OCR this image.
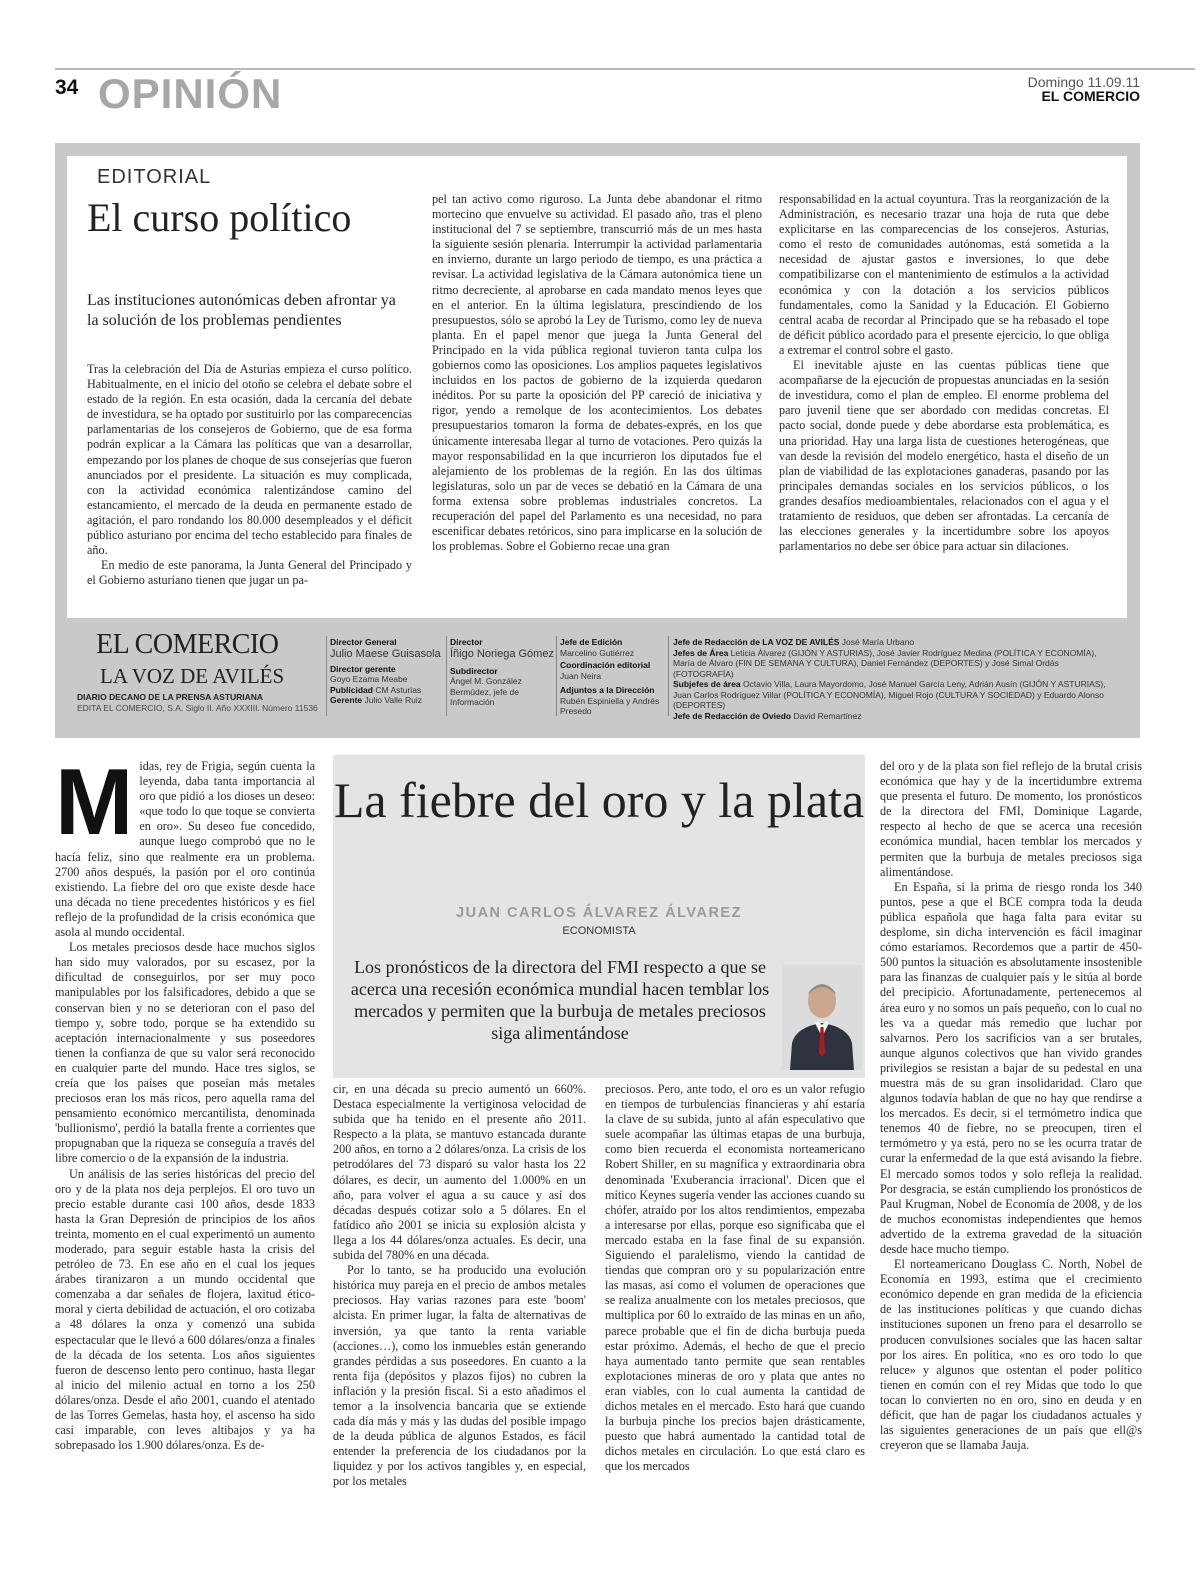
34 OPINIÓN	Domingo 11.09.11
EL COMERCIO
EDITORIAL
El curso político
Las instituciones autonómicas deben afrontar ya la solución de los problemas pendientes

Tras la celebración del Día de Asturias empieza el curso político. Habitualmente, en el inicio del otoño se celebra el debate sobre el estado de la región. En esta ocasión, dada la cercanía del debate de investidura, se ha optado por sustituirlo por las comparecencias parlamentarias de los consejeros de Gobierno, que de esa forma podrán explicar a la Cámara las políticas que van a desarrollar, empezando por los planes de choque de sus consejerías que fueron anunciados por el presidente. La situación es muy complicada, con la actividad económica ralentizándose camino del estancamiento, el mercado de la deuda en permanente estado de agitación, el paro rondando los 80.000 desempleados y el déficit público asturiano por encima del techo establecido para finales de año.

En medio de este panorama, la Junta General del Principado y el Gobierno asturiano tienen que jugar un pa-

pel tan activo como riguroso. La Junta debe abandonar el ritmo mortecino que envuelve su actividad. El pasado año, tras el pleno institucional del 7 se septiembre, transcurrió más de un mes hasta la siguiente sesión plenaria. Interrumpir la actividad parlamentaria en invierno, durante un largo periodo de tiempo, es una práctica a revisar. La actividad legislativa de la Cámara autonómica tiene un ritmo decreciente, al aprobarse en cada mandato menos leyes que en el anterior. En la última legislatura, prescindiendo de los presupuestos, sólo se aprobó la Ley de Turismo, como ley de nueva planta. En el papel menor que juega la Junta General del Principado en la vida pública regional tuvieron tanta culpa los gobiernos como las oposiciones. Los amplios paquetes legislativos incluidos en los pactos de gobierno de la izquierda quedaron inéditos. Por su parte la oposición del PP careció de iniciativa y rigor, yendo a remolque de los acontecimientos. Los debates presupuestarios tomaron la forma de debates-exprés, en los que únicamente interesaba llegar al turno de votaciones. Pero quizás la mayor responsabilidad en la que incurrieron los diputados fue el alejamiento de los problemas de la región. En las dos últimas legislaturas, solo un par de veces se debatió en la Cámara de una forma extensa sobre problemas industriales concretos. La recuperación del papel del Parlamento es una necesidad, no para escenificar debates retóricos, sino para implicarse en la solución de los problemas. Sobre el Gobierno recae una gran

responsabilidad en la actual coyuntura. Tras la reorganización de la Administración, es necesario trazar una hoja de ruta que debe explicitarse en las comparecencias de los consejeros. Asturias, como el resto de comunidades autónomas, está sometida a la necesidad de ajustar gastos e inversiones, lo que debe compatibilizarse con el mantenimiento de estímulos a la actividad económica y con la dotación a los servicios públicos fundamentales, como la Sanidad y la Educación. El Gobierno central acaba de recordar al Principado que se ha rebasado el tope de déficit público acordado para el presente ejercicio, lo que obliga a extremar el control sobre el gasto.

El inevitable ajuste en las cuentas públicas tiene que acompañarse de la ejecución de propuestas anunciadas en la sesión de investidura, como el plan de empleo. El enorme problema del paro juvenil tiene que ser abordado con medidas concretas. El pacto social, donde puede y debe abordarse esta problemática, es una prioridad. Hay una larga lista de cuestiones heterogéneas, que van desde la revisión del modelo energético, hasta el diseño de un plan de viabilidad de las explotaciones ganaderas, pasando por las principales demandas sociales en los servicios públicos, o los grandes desafíos medioambientales, relacionados con el agua y el tratamiento de residuos, que deben ser afrontadas. La cercanía de las elecciones generales y la incertidumbre sobre los apoyos parlamentarios no debe ser óbice para actuar sin dilaciones.

EL COMERCIO
LA VOZ DE AVILÉS
DIARIO DECANO DE LA PRENSA ASTURIANA
EDITA EL COMERCIO, S.A. Siglo II. Año XXXIII. Número 11536
Director General
Julio Maese Guisasola
Director gerente
Goyo Ezama Meabe
Publicidad CM Asturias
Gerente Julio Valle Ruiz
Director
Íñigo Noriega Gómez
Subdirector
Ángel M. González Bermúdez, jefe de Información
Jefe de Edición
Marcelino Gutiérrez
Coordinación editorial
Juan Neira
Adjuntos a la Dirección
Rubén Espiniella y Andrés Presedo
Jefe de Redacción de LA VOZ DE AVILÉS José María Urbano
Jefes de Área Leticia Álvarez (GIJÓN Y ASTURIAS), José Javier Rodríguez Medina (POLÍTICA Y ECONOMÍA), María de Álvaro (FIN DE SEMANA Y CULTURA), Daniel Fernández (DEPORTES) y José Simal Ordás (FOTOGRAFÍA)
Subjefes de área Octavio Villa, Laura Mayordomo, José Manuel García Leny, Adrián Ausín (GIJÓN Y ASTURIAS), Juan Carlos Rodríguez Villar (POLÍTICA Y ECONOMÍA), Miguel Rojo (CULTURA Y SOCIEDAD) y Eduardo Alonso (DEPORTES)
Jefe de Redacción de Oviedo David Remartínez
La fiebre del oro y la plata
JUAN CARLOS ÁLVAREZ ÁLVAREZ
ECONOMISTA
Los pronósticos de la directora del FMI respecto a que se acerca una recesión económica mundial hacen temblar los mercados y permiten que la burbuja de metales preciosos siga alimentándose
M idas, rey de Frigia, según cuenta la leyenda, daba tanta importancia al oro que pidió a los dioses un deseo: «que todo lo que toque se convierta en oro». Su deseo fue concedido, aunque luego comprobó que no le hacía feliz, sino que realmente era un problema. 2700 años después, la pasión por el oro continúa existiendo. La fiebre del oro que existe desde hace una década no tiene precedentes históricos y es fiel reflejo de la profundidad de la crisis económica que asola al mundo occidental.

Los metales preciosos desde hace muchos siglos han sido muy valorados, por su escasez, por la dificultad de conseguirlos, por ser muy poco manipulables por los falsificadores, debido a que se conservan bien y no se deterioran con el paso del tiempo y, sobre todo, porque se ha extendido su aceptación internacionalmente y sus poseedores tienen la confianza de que su valor será reconocido en cualquier parte del mundo. Hace tres siglos, se creía que los países que poseían más metales preciosos eran los más ricos, pero aquella rama del pensamiento económico mercantilista, denominada 'bullionismo', perdió la batalla frente a corrientes que propugnaban que la riqueza se conseguía a través del libre comercio o de la expansión de la industria.

Un análisis de las series históricas del precio del oro y de la plata nos deja perplejos. El oro tuvo un precio estable durante casi 100 años, desde 1833 hasta la Gran Depresión de principios de los años treinta, momento en el cual experimentó un aumento moderado, para seguir estable hasta la crisis del petróleo de 73. En ese año en el cual los jeques árabes tiranizaron a un mundo occidental que comenzaba a dar señales de flojera, laxitud ético-moral y cierta debilidad de actuación, el oro cotizaba a 48 dólares la onza y comenzó una subida espectacular que le llevó a 600 dólares/onza a finales de la década de los setenta. Los años siguientes fueron de descenso lento pero continuo, hasta llegar al inicio del milenio actual en torno a los 250 dólares/onza. Desde el año 2001, cuando el atentado de las Torres Gemelas, hasta hoy, el ascenso ha sido casi imparable, con leves altibajos y ya ha sobrepasado los 1.900 dólares/onza. Es de-

cir, en una década su precio aumentó un 660%. Destaca especialmente la vertiginosa velocidad de subida que ha tenido en el presente año 2011. Respecto a la plata, se mantuvo estancada durante 200 años, en torno a 2 dólares/onza. La crisis de los petrodólares del 73 disparó su valor hasta los 22 dólares, es decir, un aumento del 1.000% en un año, para volver el agua a su cauce y así dos décadas después cotizar solo a 5 dólares. En el fatídico año 2001 se inicia su explosión alcista y llega a los 44 dólares/onza actuales. Es decir, una subida del 780% en una década.

Por lo tanto, se ha producido una evolución histórica muy pareja en el precio de ambos metales preciosos. Hay varias razones para este 'boom' alcista. En primer lugar, la falta de alternativas de inversión, ya que tanto la renta variable (acciones…), como los inmuebles están generando grandes pérdidas a sus poseedores. En cuanto a la renta fija (depósitos y plazos fijos) no cubren la inflación y la presión fiscal. Si a esto añadimos el temor a la insolvencia bancaria que se extiende cada día más y más y las dudas del posible impago de la deuda pública de algunos Estados, es fácil entender la preferencia de los ciudadanos por la liquidez y por los activos tangibles y, en especial, por los metales

preciosos. Pero, ante todo, el oro es un valor refugio en tiempos de turbulencias financieras y ahí estaría la clave de su subida, junto al afán especulativo que suele acompañar las últimas etapas de una burbuja, como bien recuerda el economista norteamericano Robert Shiller, en su magnífica y extraordinaria obra denominada 'Exuberancia irracional'. Dicen que el mítico Keynes sugería vender las acciones cuando su chófer, atraído por los altos rendimientos, empezaba a interesarse por ellas, porque eso significaba que el mercado estaba en la fase final de su expansión. Siguiendo el paralelismo, viendo la cantidad de tiendas que compran oro y su popularización entre las masas, así como el volumen de operaciones que se realiza anualmente con los metales preciosos, que multiplica por 60 lo extraído de las minas en un año, parece probable que el fin de dicha burbuja pueda estar próximo. Además, el hecho de que el precio haya aumentado tanto permite que sean rentables explotaciones mineras de oro y plata que antes no eran viables, con lo cual aumenta la cantidad de dichos metales en el mercado. Esto hará que cuando la burbuja pinche los precios bajen drásticamente, puesto que habrá aumentado la cantidad total de dichos metales en circulación. Lo que está claro es que los mercados

del oro y de la plata son fiel reflejo de la brutal crisis económica que hay y de la incertidumbre extrema que presenta el futuro. De momento, los pronósticos de la directora del FMI, Dominique Lagarde, respecto al hecho de que se acerca una recesión económica mundial, hacen temblar los mercados y permiten que la burbuja de metales preciosos siga alimentándose.

En España, si la prima de riesgo ronda los 340 puntos, pese a que el BCE compra toda la deuda pública española que haga falta para evitar su desplome, sin dicha intervención es fácil imaginar cómo estaríamos. Recordemos que a partir de 450-500 puntos la situación es absolutamente insostenible para las finanzas de cualquier país y le sitúa al borde del precipicio. Afortunadamente, pertenecemos al área euro y no somos un país pequeño, con lo cual no les va a quedar más remedio que luchar por salvarnos. Pero los sacrificios van a ser brutales, aunque algunos colectivos que han vivido grandes privilegios se resistan a bajar de su pedestal en una muestra más de su gran insolidaridad. Claro que algunos todavía hablan de que no hay que rendirse a los mercados. Es decir, si el termómetro indica que tenemos 40 de fiebre, no se preocupen, tiren el termómetro y ya está, pero no se les ocurra tratar de curar la enfermedad de la que está avisando la fiebre. El mercado somos todos y solo refleja la realidad. Por desgracia, se están cumpliendo los pronósticos de Paul Krugman, Nobel de Economía de 2008, y de los de muchos economistas independientes que hemos advertido de la extrema gravedad de la situación desde hace mucho tiempo.

El norteamericano Douglass C. North, Nobel de Economía en 1993, estima que el crecimiento económico depende en gran medida de la eficiencia de las instituciones políticas y que cuando dichas instituciones suponen un freno para el desarrollo se producen convulsiones sociales que las hacen saltar por los aires. En política, «no es oro todo lo que reluce» y algunos que ostentan el poder político tienen en común con el rey Midas que todo lo que tocan lo convierten no en oro, sino en deuda y en déficit, que han de pagar los ciudadanos actuales y las siguientes generaciones de un país que ell@s creyeron que se llamaba Jauja.
